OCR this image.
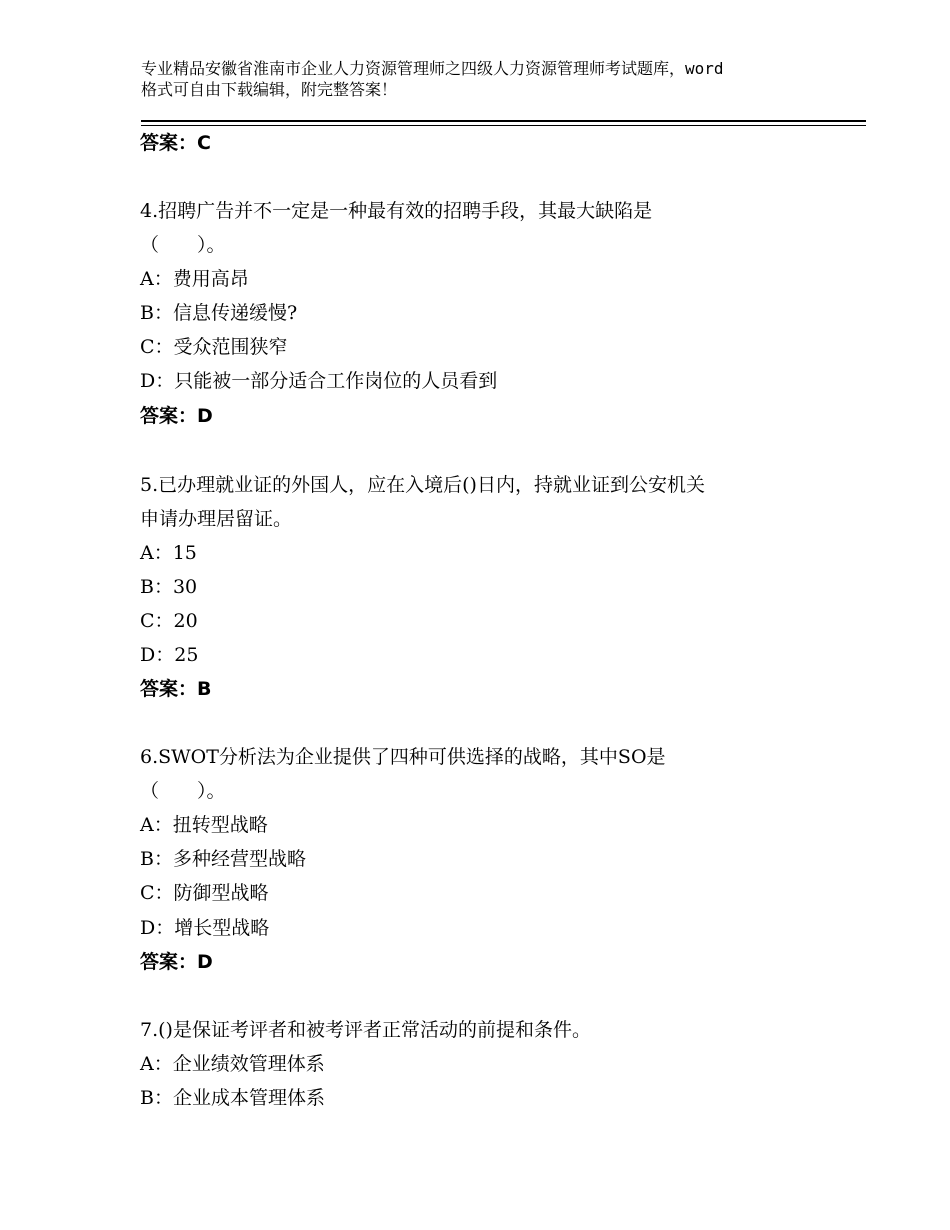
专业精品安徽省淮南市企业人力资源管理师之四级人力资源管理师考试题库，word
格式可自由下载编辑，附完整答案！
答案：C
4.招聘广告并不一定是一种最有效的招聘手段，其最大缺陷是
（　　）。
A：费用高昂
B：信息传递缓慢?
C：受众范围狭窄
D：只能被一部分适合工作岗位的人员看到
答案：D
5.已办理就业证的外国人，应在入境后()日内，持就业证到公安机关
申请办理居留证。
A：15
B：30
C：20
D：25
答案：B
6.SWOT分析法为企业提供了四种可供选择的战略，其中SO是
（　　）。
A：扭转型战略
B：多种经营型战略
C：防御型战略
D：增长型战略
答案：D
7.()是保证考评者和被考评者正常活动的前提和条件。
A：企业绩效管理体系
B：企业成本管理体系
